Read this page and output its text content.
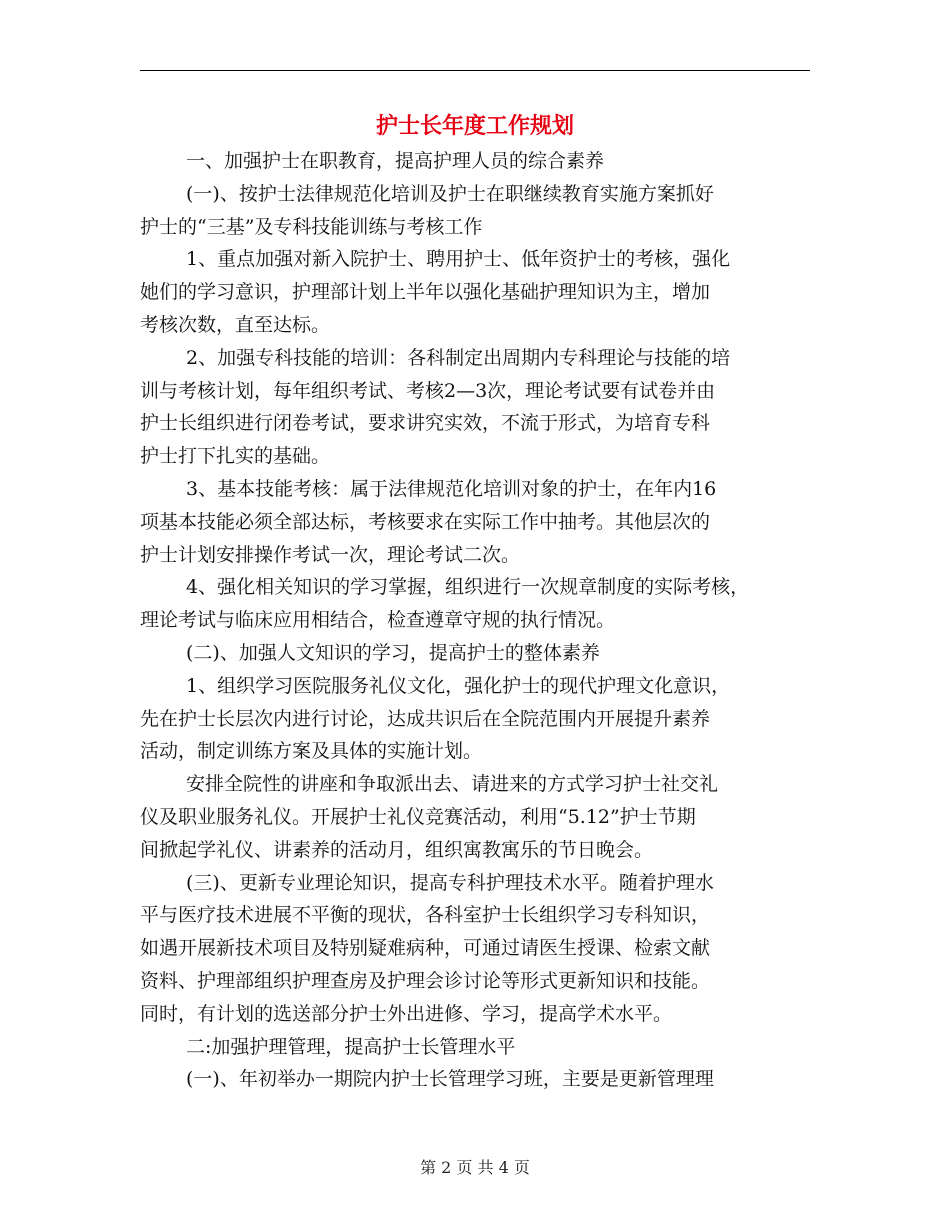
护士长年度工作规划
一、加强护士在职教育，提高护理人员的综合素养
(一)、按护士法律规范化培训及护士在职继续教育实施方案抓好
护士的“三基”及专科技能训练与考核工作
1、重点加强对新入院护士、聘用护士、低年资护士的考核，强化
她们的学习意识，护理部计划上半年以强化基础护理知识为主，增加
考核次数，直至达标。
2、加强专科技能的培训：各科制定出周期内专科理论与技能的培
训与考核计划，每年组织考试、考核2—3次，理论考试要有试卷并由
护士长组织进行闭卷考试，要求讲究实效，不流于形式，为培育专科
护士打下扎实的基础。
3、基本技能考核：属于法律规范化培训对象的护士，在年内16
项基本技能必须全部达标，考核要求在实际工作中抽考。其他层次的
护士计划安排操作考试一次，理论考试二次。
4、强化相关知识的学习掌握，组织进行一次规章制度的实际考核，
理论考试与临床应用相结合，检查遵章守规的执行情况。
(二)、加强人文知识的学习，提高护士的整体素养
1、组织学习医院服务礼仪文化，强化护士的现代护理文化意识，
先在护士长层次内进行讨论，达成共识后在全院范围内开展提升素养
活动，制定训练方案及具体的实施计划。
安排全院性的讲座和争取派出去、请进来的方式学习护士社交礼
仪及职业服务礼仪。开展护士礼仪竞赛活动，利用“5.12”护士节期
间掀起学礼仪、讲素养的活动月，组织寓教寓乐的节日晚会。
(三)、更新专业理论知识，提高专科护理技术水平。随着护理水
平与医疗技术进展不平衡的现状，各科室护士长组织学习专科知识，
如遇开展新技术项目及特别疑难病种，可通过请医生授课、检索文献
资料、护理部组织护理查房及护理会诊讨论等形式更新知识和技能。
同时，有计划的选送部分护士外出进修、学习，提高学术水平。
二:加强护理管理，提高护士长管理水平
(一)、年初举办一期院内护士长管理学习班，主要是更新管理理
第 2 页 共 4 页
